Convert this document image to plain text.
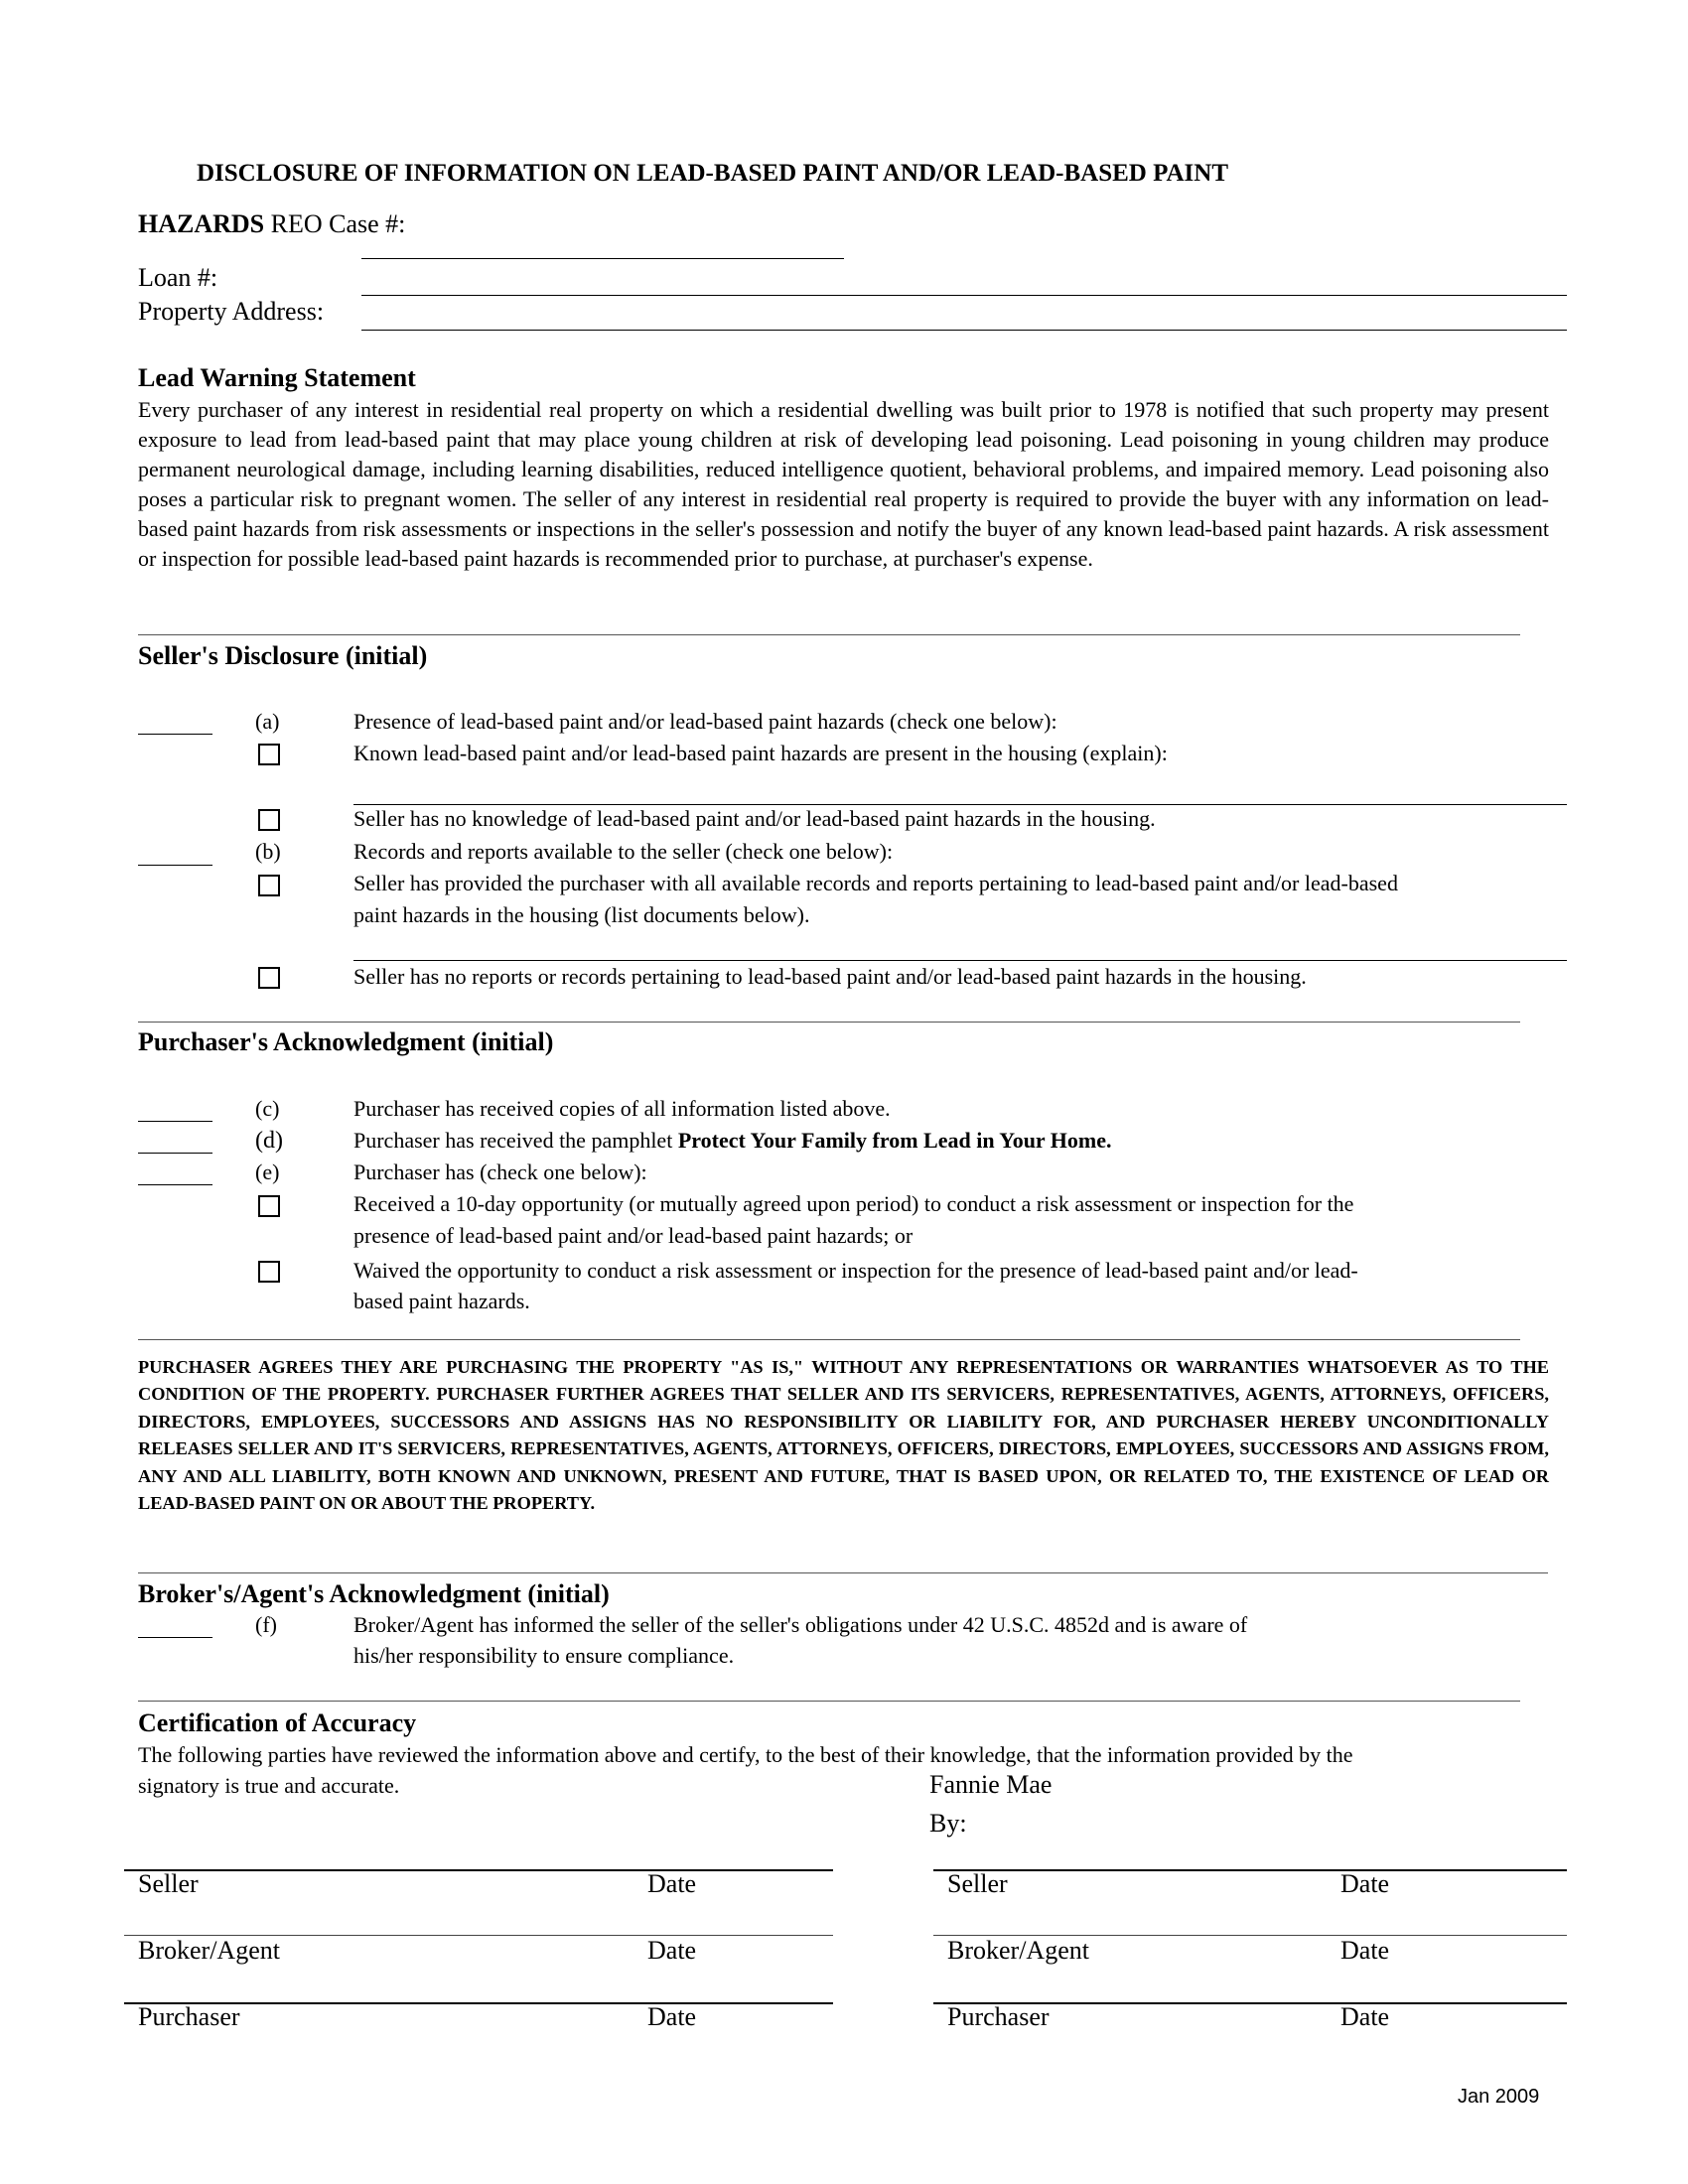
DISCLOSURE OF INFORMATION ON LEAD-BASED PAINT AND/OR LEAD-BASED PAINT
HAZARDS REO Case #:
Loan #:
Property Address:
Lead Warning Statement
Every purchaser of any interest in residential real property on which a residential dwelling was built prior to 1978 is notified that such property may present exposure to lead from lead-based paint that may place young children at risk of developing lead poisoning. Lead poisoning in young children may produce permanent neurological damage, including learning disabilities, reduced intelligence quotient, behavioral problems, and impaired memory. Lead poisoning also poses a particular risk to pregnant women. The seller of any interest in residential real property is required to provide the buyer with any information on lead-based paint hazards from risk assessments or inspections in the seller's possession and notify the buyer of any known lead-based paint hazards. A risk assessment or inspection for possible lead-based paint hazards is recommended prior to purchase, at purchaser's expense.
Seller's Disclosure (initial)
(a)	Presence of lead-based paint and/or lead-based paint hazards (check one below):
Known lead-based paint and/or lead-based paint hazards are present in the housing (explain):
Seller has no knowledge of lead-based paint and/or lead-based paint hazards in the housing.
(b)	Records and reports available to the seller (check one below):
Seller has provided the purchaser with all available records and reports pertaining to lead-based paint and/or lead-based
paint hazards in the housing (list documents below).
Seller has no reports or records pertaining to lead-based paint and/or lead-based paint hazards in the housing.
Purchaser's Acknowledgment (initial)
(c)	Purchaser has received copies of all information listed above.
(d)	Purchaser has received the pamphlet Protect Your Family from Lead in Your Home.
(e)	Purchaser has (check one below):
Received a 10-day opportunity (or mutually agreed upon period) to conduct a risk assessment or inspection for the
presence of lead-based paint and/or lead-based paint hazards; or
Waived the opportunity to conduct a risk assessment or inspection for the presence of lead-based paint and/or lead-
based paint hazards.
PURCHASER AGREES THEY ARE PURCHASING THE PROPERTY "AS IS," WITHOUT ANY REPRESENTATIONS OR WARRANTIES WHATSOEVER AS TO THE CONDITION OF THE PROPERTY. PURCHASER FURTHER AGREES THAT SELLER AND ITS SERVICERS, REPRESENTATIVES, AGENTS, ATTORNEYS, OFFICERS, DIRECTORS, EMPLOYEES, SUCCESSORS AND ASSIGNS HAS NO RESPONSIBILITY OR LIABILITY FOR, AND PURCHASER HEREBY UNCONDITIONALLY RELEASES SELLER AND IT'S SERVICERS, REPRESENTATIVES, AGENTS, ATTORNEYS, OFFICERS, DIRECTORS, EMPLOYEES, SUCCESSORS AND ASSIGNS FROM, ANY AND ALL LIABILITY, BOTH KNOWN AND UNKNOWN, PRESENT AND FUTURE, THAT IS BASED UPON, OR RELATED TO, THE EXISTENCE OF LEAD OR LEAD-BASED PAINT ON OR ABOUT THE PROPERTY.
Broker's/Agent's Acknowledgment (initial)
(f)	Broker/Agent has informed the seller of the seller's obligations under 42 U.S.C. 4852d and is aware of
his/her responsibility to ensure compliance.
Certification of Accuracy
The following parties have reviewed the information above and certify, to the best of their knowledge, that the information provided by the
signatory is true and accurate.	Fannie Mae
By:
Seller	Date
Broker/Agent	Date
Purchaser	Date
Seller	Date
Broker/Agent	Date
Purchaser	Date
Jan 2009
